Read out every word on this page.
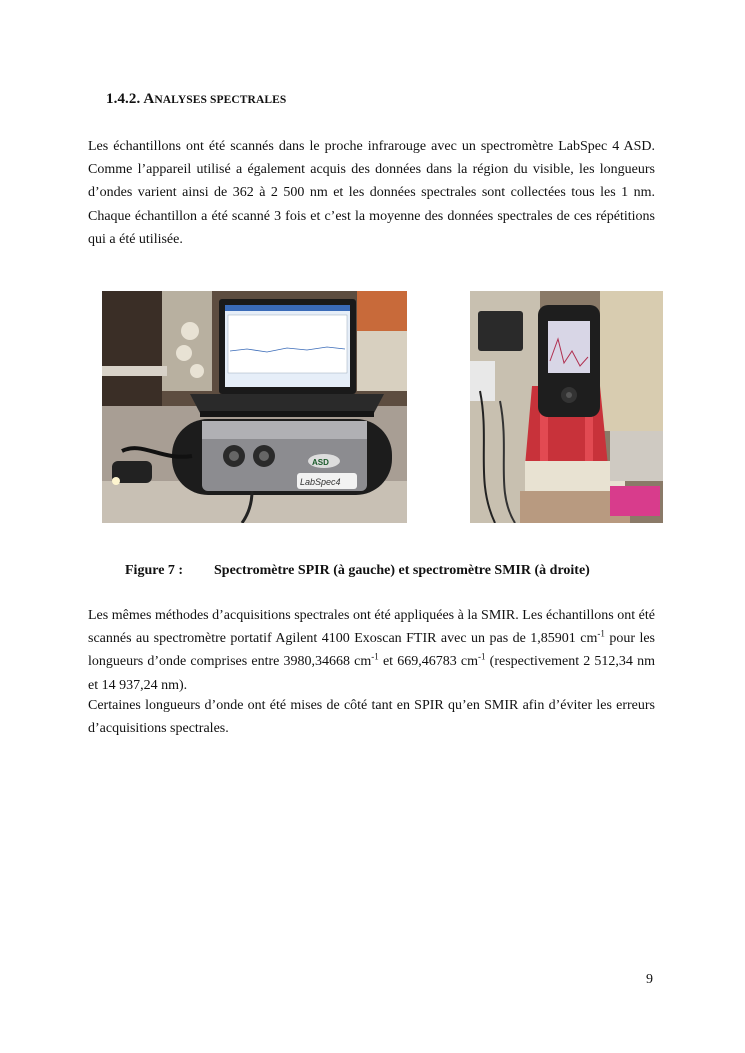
1.4.2. ANALYSES SPECTRALES
Les échantillons ont été scannés dans le proche infrarouge avec un spectromètre LabSpec 4 ASD. Comme l’appareil utilisé a également acquis des données dans la région du visible, les longueurs d’ondes varient ainsi de 362 à 2 500 nm et les données spectrales sont collectées tous les 1 nm. Chaque échantillon a été scanné 3 fois et c’est la moyenne des données spectrales de ces répétitions qui a été utilisée.
ASD
LabSpec4
Figure 7 : Spectromètre SPIR (à gauche) et spectromètre SMIR (à droite)
Les mêmes méthodes d’acquisitions spectrales ont été appliquées à la SMIR. Les échantillons ont été scannés au spectromètre portatif Agilent 4100 Exoscan FTIR avec un pas de 1,85901 $cm^{-1}$ pour les longueurs d’onde comprises entre 3980,34668 $cm^{-1}$ et 669,46783 $cm^{-1}$ (respectivement 2 512,34 nm et 14 937,24 nm).
Certaines longueurs d’onde ont été mises de côté tant en SPIR qu’en SMIR afin d’éviter les erreurs d’acquisitions spectrales.
9
